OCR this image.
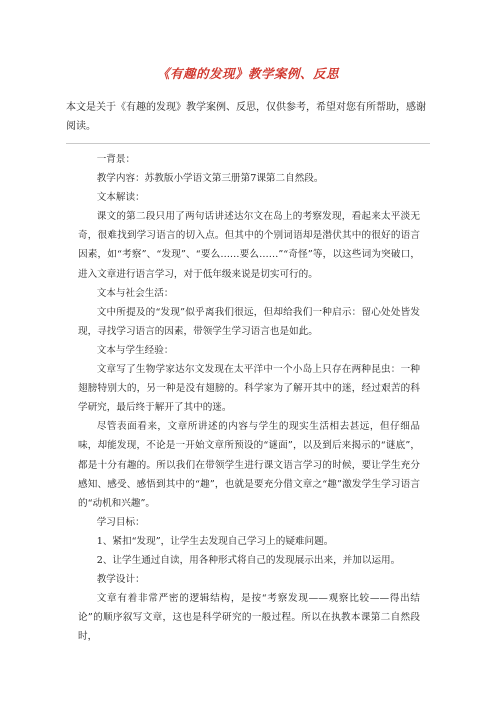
《有趣的发现》教学案例、反思
本文是关于《有趣的发现》教学案例、反思，仅供参考，希望对您有所帮助，感谢阅读。

一背景：

教学内容：苏教版小学语文第三册第7课第二自然段。

文本解读：

课文的第二段只用了两句话讲述达尔文在岛上的考察发现，看起来太平淡无奇，很难找到学习语言的切入点。但其中的个别词语却是潜伏其中的很好的语言因素，如“考察”、“发现”、“要么……要么……”“奇怪”等，以这些词为突破口，进入文章进行语言学习，对于低年级来说是切实可行的。

文本与社会生活：

文中所提及的“发现”似乎离我们很远，但却给我们一种启示：留心处处皆发现，寻找学习语言的因素，带领学生学习语言也是如此。

文本与学生经验：

文章写了生物学家达尔文发现在太平洋中一个小岛上只存在两种昆虫：一种翅膀特别大的，另一种是没有翅膀的。科学家为了解开其中的迷，经过艰苦的科学研究，最后终于解开了其中的迷。

尽管表面看来，文章所讲述的内容与学生的现实生活相去甚远，但仔细品味，却能发现，不论是一开始文章所预设的“谜面”，以及到后来揭示的“谜底”，都是十分有趣的。所以我们在带领学生进行课文语言学习的时候，要让学生充分感知、感受、感悟到其中的“趣”，也就是要充分借文章之“趣”激发学生学习语言的“动机和兴趣”。

学习目标：

1、紧扣“发现”，让学生去发现自己学习上的疑难问题。

2、让学生通过自读，用各种形式将自己的发现展示出来，并加以运用。

教学设计：

文章有着非常严密的逻辑结构，是按“考察发现——观察比较——得出结论”的顺序叙写文章，这也是科学研究的一般过程。所以在执教本课第二自然段时，
